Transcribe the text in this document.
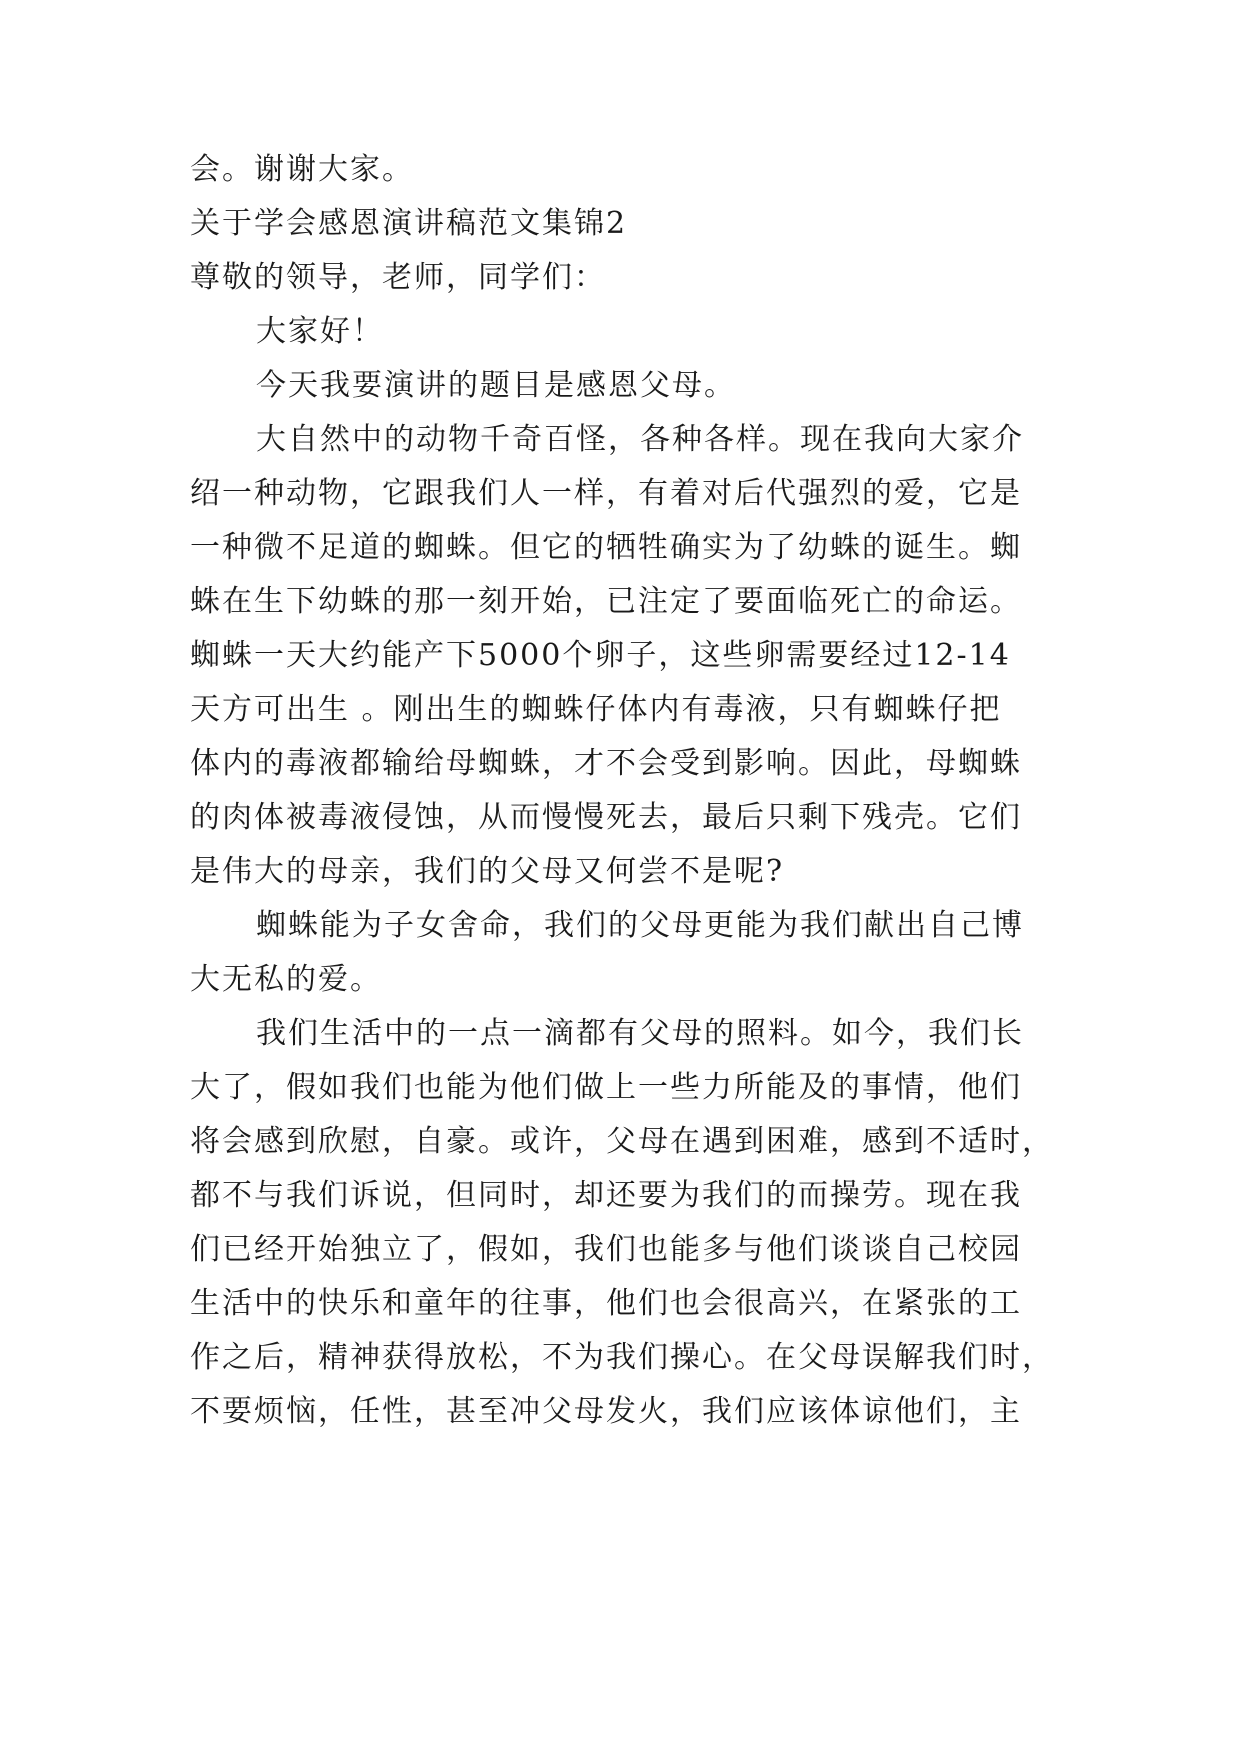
会。谢谢大家。
关于学会感恩演讲稿范文集锦2
尊敬的领导，老师，同学们：
大家好！
今天我要演讲的题目是感恩父母。
大自然中的动物千奇百怪，各种各样。现在我向大家介
绍一种动物，它跟我们人一样，有着对后代强烈的爱，它是
一种微不足道的蜘蛛。但它的牺牲确实为了幼蛛的诞生。蜘
蛛在生下幼蛛的那一刻开始，已注定了要面临死亡的命运。
蜘蛛一天大约能产下5000个卵子，这些卵需要经过12-14
天方可出生 。刚出生的蜘蛛仔体内有毒液，只有蜘蛛仔把
体内的毒液都输给母蜘蛛，才不会受到影响。因此，母蜘蛛
的肉体被毒液侵蚀，从而慢慢死去，最后只剩下残壳。它们
是伟大的母亲，我们的父母又何尝不是呢?
蜘蛛能为子女舍命，我们的父母更能为我们献出自己博
大无私的爱。
我们生活中的一点一滴都有父母的照料。如今，我们长
大了，假如我们也能为他们做上一些力所能及的事情，他们
将会感到欣慰，自豪。或许，父母在遇到困难，感到不适时，
都不与我们诉说，但同时，却还要为我们的而操劳。现在我
们已经开始独立了，假如，我们也能多与他们谈谈自己校园
生活中的快乐和童年的往事，他们也会很高兴，在紧张的工
作之后，精神获得放松，不为我们操心。在父母误解我们时，
不要烦恼，任性，甚至冲父母发火，我们应该体谅他们，主
